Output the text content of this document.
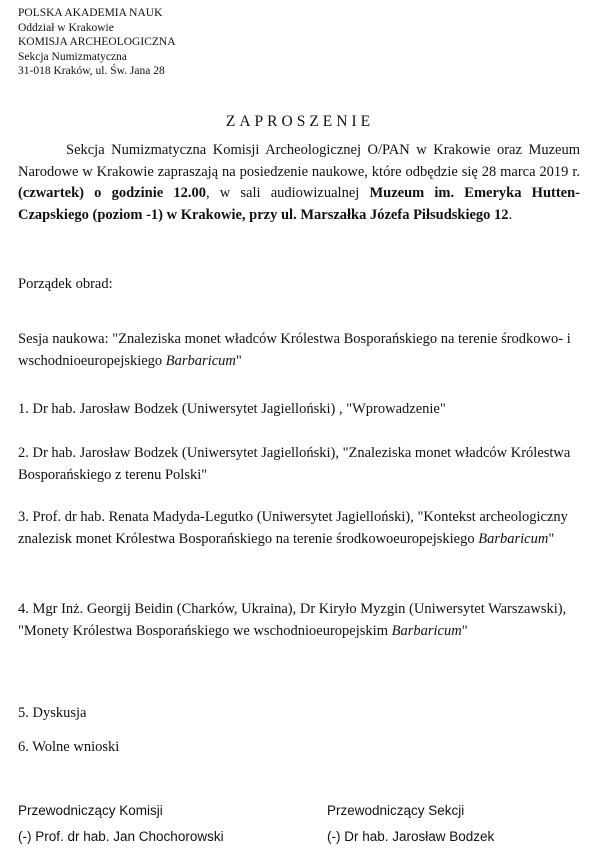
POLSKA AKADEMIA NAUK
Oddział w Krakowie
KOMISJA ARCHEOLOGICZNA
Sekcja Numizmatyczna
31-018 Kraków, ul. Św. Jana 28
ZAPROSZENIE
Sekcja Numizmatyczna Komisji Archeologicznej O/PAN w Krakowie oraz Muzeum Narodowe w Krakowie zapraszają na posiedzenie naukowe, które odbędzie się 28 marca 2019 r. (czwartek) o godzinie 12.00, w sali audiowizualnej Muzeum im. Emeryka Hutten-Czapskiego (poziom -1) w Krakowie, przy ul. Marszałka Józefa Piłsudskiego 12.
Porządek obrad:
Sesja naukowa: "Znaleziska monet władców Królestwa Bosporańskiego na terenie środkowo- i wschodnioeuropejskiego Barbaricum"
1. Dr hab. Jarosław Bodzek (Uniwersytet Jagielloński) , "Wprowadzenie"
2. Dr hab. Jarosław Bodzek (Uniwersytet Jagielloński), "Znaleziska monet władców Królestwa Bosporańskiego z terenu Polski"
3. Prof. dr hab. Renata Madyda-Legutko (Uniwersytet Jagielloński), "Kontekst archeologiczny znalezisk monet Królestwa Bosporańskiego na terenie środkowoeuropejskiego Barbaricum"
4. Mgr Inż. Georgij Beidin (Charków, Ukraina), Dr Kiryło Myzgin (Uniwersytet Warszawski), "Monety Królestwa Bosporańskiego we wschodnioeuropejskim Barbaricum"
5. Dyskusja
6. Wolne wnioski
Przewodniczący Komisji
(-) Prof. dr hab. Jan Chochorowski
Przewodniczący Sekcji
(-) Dr hab. Jarosław Bodzek
